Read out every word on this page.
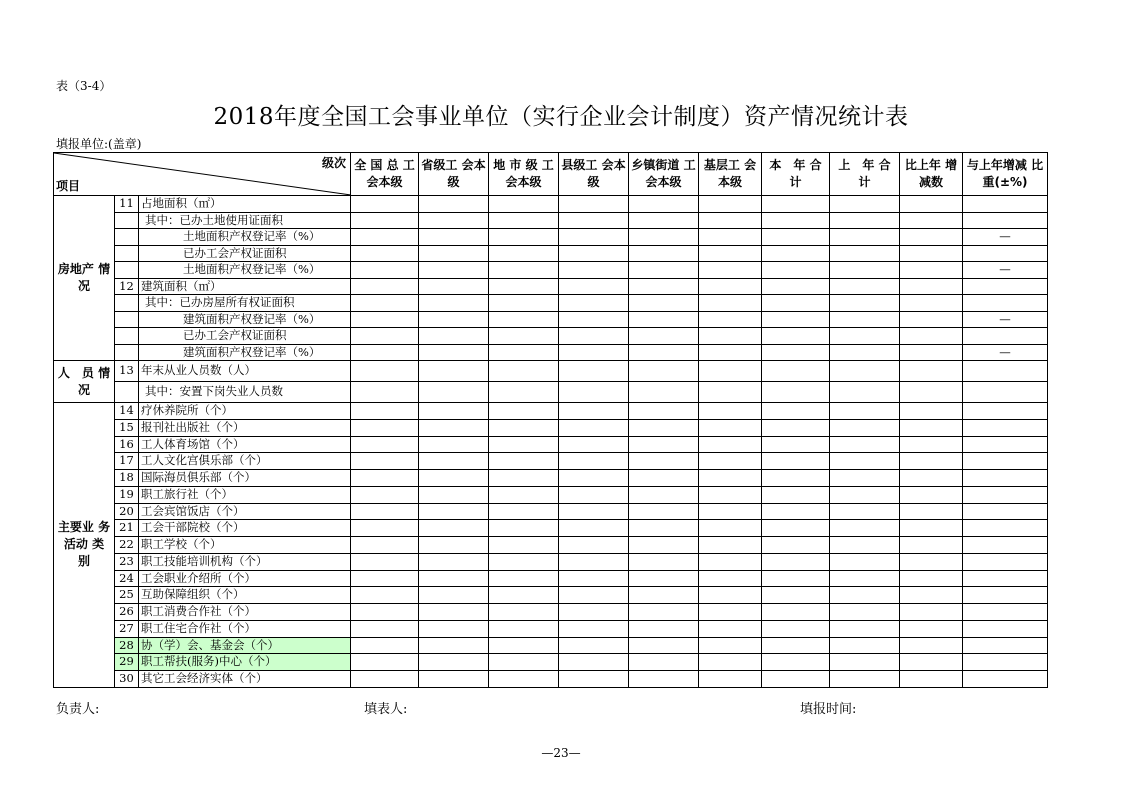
表（3-4）
2018年度全国工会事业单位（实行企业会计制度）资产情况统计表
填报单位:(盖章)
级次
项目			全 国 总 工会本级	省级工 会本级	地 市 级 工会本级	县级工 会本级	乡镇街道 工会本级	基层工 会本级	本　年 合　计	上　年 合　计	比上年 增减数	与上年增减 比重(±%)
房地产 情　况	11	占地面积（㎡）										
		其中：已办土地使用证面积										
		土地面积产权登记率（%）										—
		已办工会产权证面积										
		土地面积产权登记率（%）										—
	12	建筑面积（㎡）										
		其中：已办房屋所有权证面积										
		建筑面积产权登记率（%）										—
		已办工会产权证面积										
		建筑面积产权登记率（%）										—
人　员 情　况	13	年末从业人员数（人）										
		其中：安置下岗失业人员数										
主要业 务活动 类　别	14	疗休养院所（个）										
	15	报刊社出版社（个）										
	16	工人体育场馆（个）										
	17	工人文化宫俱乐部（个）										
	18	国际海员俱乐部（个）										
	19	职工旅行社（个）										
	20	工会宾馆饭店（个）										
	21	工会干部院校（个）										
	22	职工学校（个）										
	23	职工技能培训机构（个）										
	24	工会职业介绍所（个）										
	25	互助保障组织（个）										
	26	职工消费合作社（个）										
	27	职工住宅合作社（个）										
	28	协（学）会、基金会（个）										
	29	职工帮扶(服务)中心（个）										
	30	其它工会经济实体（个）										
负责人:	填表人:	填报时间:
—23—
